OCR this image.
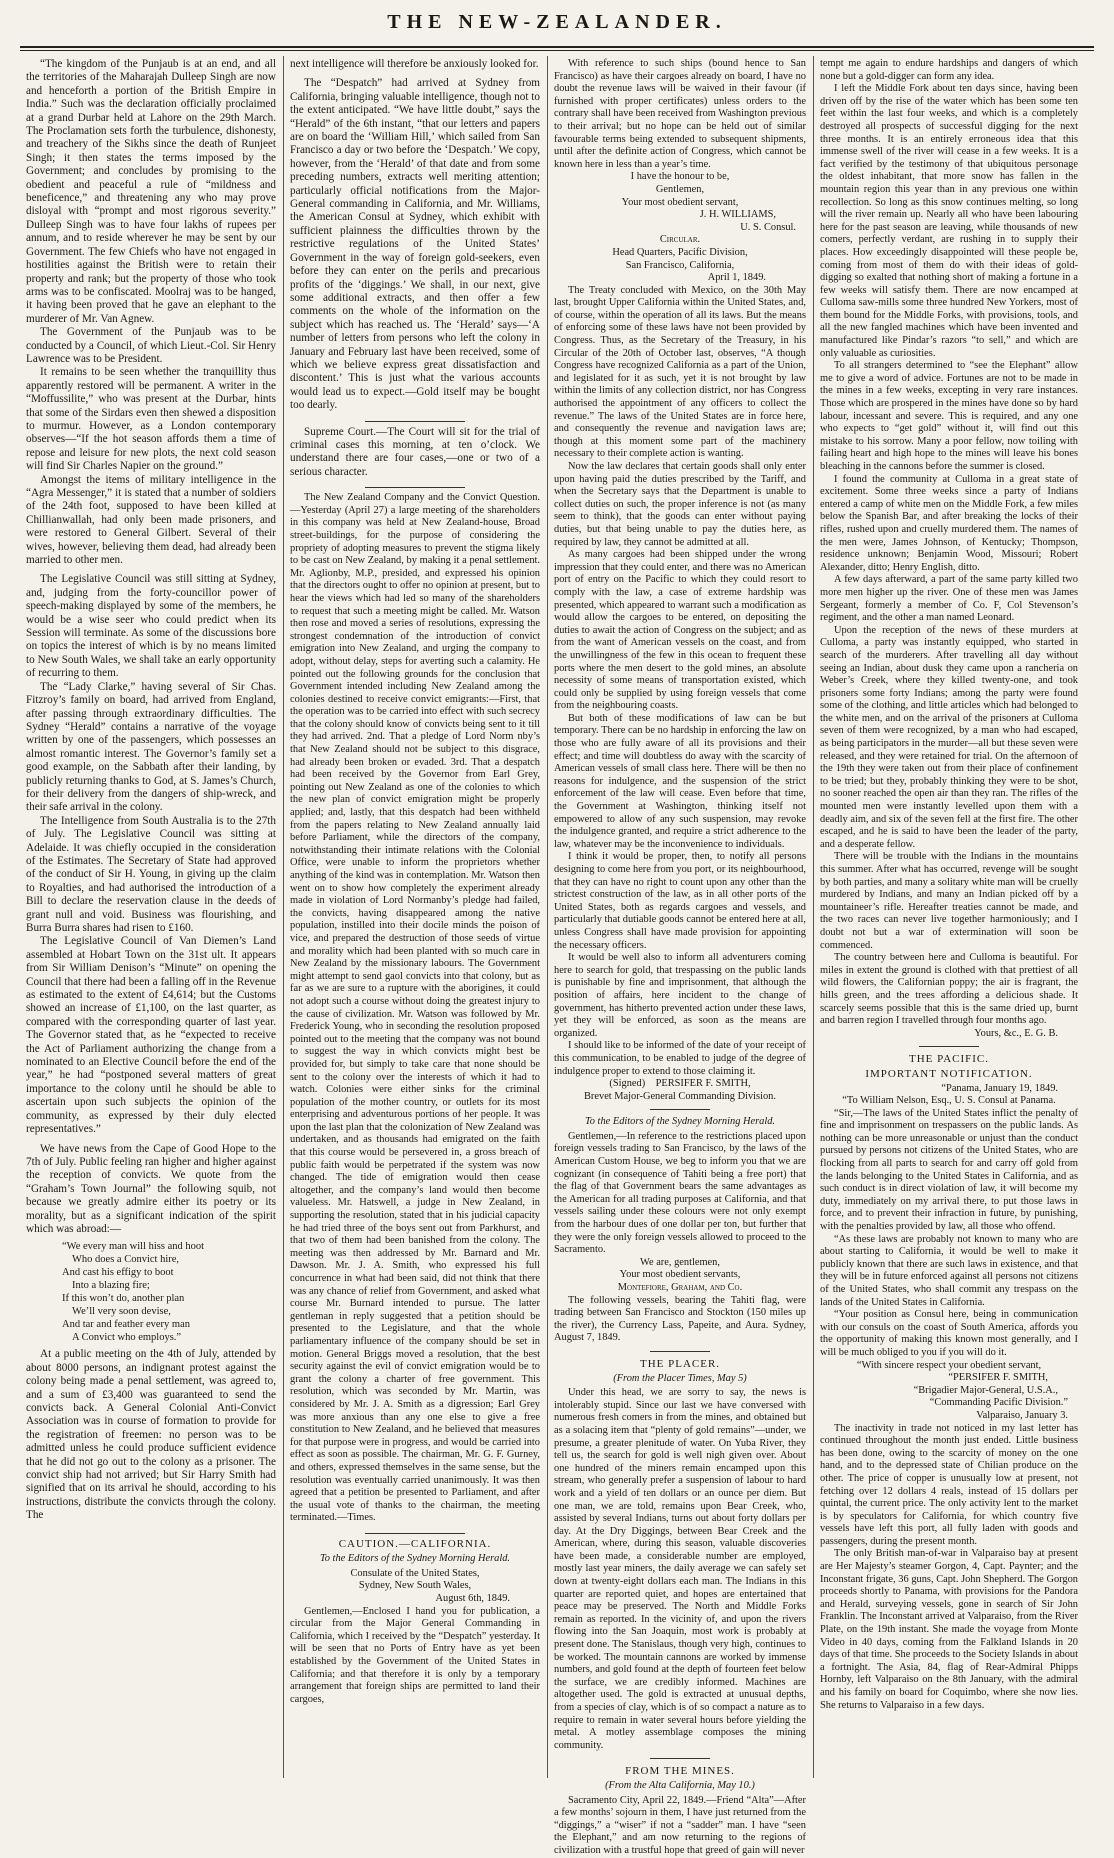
THE NEW-ZEALANDER.

“The kingdom of the Punjaub is at an end, and all the territories of the Maharajah Dulleep Singh are now and henceforth a portion of the British Empire in India.” Such was the declaration officially proclaimed at a grand Durbar held at Lahore on the 29th March. The Proclamation sets forth the turbulence, dishonesty, and treachery of the Sikhs since the death of Runjeet Singh; it then states the terms imposed by the Government; and concludes by promising to the obedient and peaceful a rule of “mildness and beneficence,” and threatening any who may prove disloyal with “prompt and most rigorous severity.” Dulleep Singh was to have four lakhs of rupees per annum, and to reside wherever he may be sent by our Government. The few Chiefs who have not engaged in hostilities against the British were to retain their property and rank; but the property of those who took arms was to be confiscated. Moolraj was to be hanged, it having been proved that he gave an elephant to the murderer of Mr. Van Agnew.

The Government of the Punjaub was to be conducted by a Council, of which Lieut.-Col. Sir Henry Lawrence was to be President.

It remains to be seen whether the tranquillity thus apparently restored will be permanent. A writer in the “Moffussilite,” who was present at the Durbar, hints that some of the Sirdars even then shewed a disposition to murmur. However, as a London contemporary observes—“If the hot season affords them a time of repose and leisure for new plots, the next cold season will find Sir Charles Napier on the ground.”

Amongst the items of military intelligence in the “Agra Messenger,” it is stated that a number of soldiers of the 24th foot, supposed to have been killed at Chillianwallah, had only been made prisoners, and were restored to General Gilbert. Several of their wives, however, believing them dead, had already been married to other men.

The Legislative Council was still sitting at Sydney, and, judging from the forty-councillor power of speech-making displayed by some of the members, he would be a wise seer who could predict when its Session will terminate. As some of the discussions bore on topics the interest of which is by no means limited to New South Wales, we shall take an early opportunity of recurring to them.

The “Lady Clarke,” having several of Sir Chas. Fitzroy’s family on board, had arrived from England, after passing through extraordinary difficulties. The Sydney “Herald” contains a narrative of the voyage written by one of the passengers, which possesses an almost romantic interest. The Governor’s family set a good example, on the Sabbath after their landing, by publicly returning thanks to God, at S. James’s Church, for their delivery from the dangers of ship-wreck, and their safe arrival in the colony.

The Intelligence from South Australia is to the 27th of July. The Legislative Council was sitting at Adelaide. It was chiefly occupied in the consideration of the Estimates. The Secretary of State had approved of the conduct of Sir H. Young, in giving up the claim to Royalties, and had authorised the introduction of a Bill to declare the reservation clause in the deeds of grant null and void. Business was flourishing, and Burra Burra shares had risen to £160.

The Legislative Council of Van Diemen’s Land assembled at Hobart Town on the 31st ult. It appears from Sir William Denison’s “Minute” on opening the Council that there had been a falling off in the Revenue as estimated to the extent of £4,614; but the Customs showed an increase of £1,100, on the last quarter, as compared with the corresponding quarter of last year. The Governor stated that, as he “expected to receive the Act of Parliament authorizing the change from a nominated to an Elective Council before the end of the year,” he had “postponed several matters of great importance to the colony until he should be able to ascertain upon such subjects the opinion of the community, as expressed by their duly elected representatives.”

We have news from the Cape of Good Hope to the 7th of July. Public feeling ran higher and higher against the reception of convicts. We quote from the “Graham’s Town Journal” the following squib, not because we greatly admire either its poetry or its morality, but as a significant indication of the spirit which was abroad:—

“We every man will hiss and hoot
Who does a Convict hire,
And cast his effigy to boot
Into a blazing fire;
If this won’t do, another plan
We’ll very soon devise,
And tar and feather every man
A Convict who employs.”

At a public meeting on the 4th of July, attended by about 8000 persons, an indignant protest against the colony being made a penal settlement, was agreed to, and a sum of £3,400 was guaranteed to send the convicts back. A General Colonial Anti-Convict Association was in course of formation to provide for the registration of freemen: no person was to be admitted unless he could produce sufficient evidence that he did not go out to the colony as a prisoner. The convict ship had not arrived; but Sir Harry Smith had signified that on its arrival he should, according to his instructions, distribute the convicts through the colony. The

next intelligence will therefore be anxiously looked for.

The “Despatch” had arrived at Sydney from California, bringing valuable intelligence, though not to the extent anticipated. “We have little doubt,” says the “Herald” of the 6th instant, “that our letters and papers are on board the ‘William Hill,’ which sailed from San Francisco a day or two before the ‘Despatch.’ We copy, however, from the ‘Herald’ of that date and from some preceding numbers, extracts well meriting attention; particularly official notifications from the Major-General commanding in California, and Mr. Williams, the American Consul at Sydney, which exhibit with sufficient plainness the difficulties thrown by the restrictive regulations of the United States’ Government in the way of foreign gold-seekers, even before they can enter on the perils and precarious profits of the ‘diggings.’ We shall, in our next, give some additional extracts, and then offer a few comments on the whole of the information on the subject which has reached us. The ‘Herald’ says—‘A number of letters from persons who left the colony in January and February last have been received, some of which we believe express great dissatisfaction and discontent.’ This is just what the various accounts would lead us to expect.—Gold itself may be bought too dearly.

Supreme Court.—The Court will sit for the trial of criminal cases this morning, at ten o’clock. We understand there are four cases,—one or two of a serious character.

The New Zealand Company and the Convict Question.—Yesterday (April 27) a large meeting of the shareholders in this company was held at New Zealand-house, Broad street-buildings, for the purpose of considering the propriety of adopting measures to prevent the stigma likely to be cast on New Zealand, by making it a penal settlement. Mr. Aglionby, M.P., presided, and expressed his opinion that the directors ought to offer no opinion at present, but to hear the views which had led so many of the shareholders to request that such a meeting might be called. Mr. Watson then rose and moved a series of resolutions, expressing the strongest condemnation of the introduction of convict emigration into New Zealand, and urging the company to adopt, without delay, steps for averting such a calamity. He pointed out the following grounds for the conclusion that Government intended including New Zealand among the colonies destined to receive convict emigrants:—First, that the operation was to be carried into effect with such secrecy that the colony should know of convicts being sent to it till they had arrived. 2nd. That a pledge of Lord Norm nby’s that New Zealand should not be subject to this disgrace, had already been broken or evaded. 3rd. That a despatch had been received by the Governor from Earl Grey, pointing out New Zealand as one of the colonies to which the new plan of convict emigration might be properly applied; and, lastly, that this despatch had been withheld from the papers relating to New Zealand annually laid before Parliament, while the directors of the company, notwithstanding their intimate relations with the Colonial Office, were unable to inform the proprietors whether anything of the kind was in contemplation. Mr. Watson then went on to show how completely the experiment already made in violation of Lord Normanby’s pledge had failed, the convicts, having disappeared among the native population, instilled into their docile minds the poison of vice, and prepared the destruction of those seeds of virtue and morality which had been planted with so much care in New Zealand by the missionary labours. The Government might attempt to send gaol convicts into that colony, but as far as we are sure to a rupture with the aborigines, it could not adopt such a course without doing the greatest injury to the cause of civilization. Mr. Watson was followed by Mr. Frederick Young, who in seconding the resolution proposed pointed out to the meeting that the company was not bound to suggest the way in which convicts might best be provided for, but simply to take care that none should be sent to the colony over the interests of which it had to watch. Colonies were either sinks for the criminal population of the mother country, or outlets for its most enterprising and adventurous portions of her people. It was upon the last plan that the colonization of New Zealand was undertaken, and as thousands had emigrated on the faith that this course would be persevered in, a gross breach of public faith would be perpetrated if the system was now changed. The tide of emigration would then cease altogether, and the company’s land would then become valueless. Mr. Hatswell, a judge in New Zealand, in supporting the resolution, stated that in his judicial capacity he had tried three of the boys sent out from Parkhurst, and that two of them had been banished from the colony. The meeting was then addressed by Mr. Barnard and Mr. Dawson. Mr. J. A. Smith, who expressed his full concurrence in what had been said, did not think that there was any chance of relief from Government, and asked what course Mr. Burnard intended to pursue. The latter gentleman in reply suggested that a petition should be presented to the Legislature, and that the whole parliamentary influence of the company should be set in motion. General Briggs moved a resolution, that the best security against the evil of convict emigration would be to grant the colony a charter of free government. This resolution, which was seconded by Mr. Martin, was considered by Mr. J. A. Smith as a digression; Earl Grey was more anxious than any one else to give a free constitution to New Zealand, and he believed that measures for that purpose were in progress, and would be carried into effect as soon as possible. The chairman, Mr. G. F. Gurney, and others, expressed themselves in the same sense, but the resolution was eventually carried unanimously. It was then agreed that a petition be presented to Parliament, and after the usual vote of thanks to the chairman, the meeting terminated.—Times.

CAUTION.—CALIFORNIA.

To the Editors of the Sydney Morning Herald.

Consulate of the United States,

Sydney, New South Wales,

August 6th, 1849.

Gentlemen,—Enclosed I hand you for publication, a circular from the Major General Commanding in California, which I received by the “Despatch” yesterday. It will be seen that no Ports of Entry have as yet been established by the Government of the United States in California; and that therefore it is only by a temporary arrangement that foreign ships are permitted to land their cargoes,

With reference to such ships (bound hence to San Francisco) as have their cargoes already on board, I have no doubt the revenue laws will be waived in their favour (if furnished with proper certificates) unless orders to the contrary shall have been received from Washington previous to their arrival; but no hope can be held out of similar favourable terms being extended to subsequent shipments, until after the definite action of Congress, which cannot be known here in less than a year’s time.

I have the honour to be,

Gentlemen,

Your most obedient servant,

J. H. WILLIAMS,

U. S. Consul.

Circular.

Head Quarters, Pacific Division,

San Francisco, California,

April 1, 1849.

The Treaty concluded with Mexico, on the 30th May last, brought Upper California within the United States, and, of course, within the operation of all its laws. But the means of enforcing some of these laws have not been provided by Congress. Thus, as the Secretary of the Treasury, in his Circular of the 20th of October last, observes, “A though Congress have recognized California as a part of the Union, and legislated for it as such, yet it is not brought by law within the limits of any collection district, nor has Congress authorised the appointment of any officers to collect the revenue.” The laws of the United States are in force here, and consequently the revenue and navigation laws are; though at this moment some part of the machinery necessary to their complete action is wanting.

Now the law declares that certain goods shall only enter upon having paid the duties prescribed by the Tariff, and when the Secretary says that the Department is unable to collect duties on such, the proper inference is not (as many seem to think), that the goods can enter without paying duties, but that being unable to pay the duties here, as required by law, they cannot be admitted at all.

As many cargoes had been shipped under the wrong impression that they could enter, and there was no American port of entry on the Pacific to which they could resort to comply with the law, a case of extreme hardship was presented, which appeared to warrant such a modification as would allow the cargoes to be entered, on depositing the duties to await the action of Congress on the subject; and as from the want of American vessels on the coast, and from the unwillingness of the few in this ocean to frequent these ports where the men desert to the gold mines, an absolute necessity of some means of transportation existed, which could only be supplied by using foreign vessels that come from the neighbouring coasts.

But both of these modifications of law can be but temporary. There can be no hardship in enforcing the law on those who are fully aware of all its provisions and their effect; and time will doubtless do away with the scarcity of American vessels of small class here. There will be then no reasons for indulgence, and the suspension of the strict enforcement of the law will cease. Even before that time, the Government at Washington, thinking itself not empowered to allow of any such suspension, may revoke the indulgence granted, and require a strict adherence to the law, whatever may be the inconvenience to individuals.

I think it would be proper, then, to notify all persons designing to come here from you port, or its neighbourhood, that they can have no right to count upon any other than the strictest construction of the law, as in all other ports of the United States, both as regards cargoes and vessels, and particularly that dutiable goods cannot be entered here at all, unless Congress shall have made provision for appointing the necessary officers.

It would be well also to inform all adventurers coming here to search for gold, that trespassing on the public lands is punishable by fine and imprisonment, that although the position of affairs, here incident to the change of government, has hitherto prevented action under these laws, yet they will be enforced, as soon as the means are organized.

I should like to be informed of the date of your receipt of this communication, to be enabled to judge of the degree of indulgence proper to extend to those claiming it.

(Signed) PERSIFER F. SMITH,

Brevet Major-General Commanding Division.

To the Editors of the Sydney Morning Herald.

Gentlemen,—In reference to the restrictions placed upon foreign vessels trading to San Francisco, by the laws of the American Custom House, we beg to inform you that we are cognizant (in consequence of Tahiti being a free port) that the flag of that Government bears the same advantages as the American for all trading purposes at California, and that vessels sailing under these colours were not only exempt from the harbour dues of one dollar per ton, but further that they were the only foreign vessels allowed to proceed to the Sacramento.

We are, gentlemen,

Your most obedient servants,

Montefiore, Graham, and Co.

The following vessels, bearing the Tahiti flag, were trading between San Francisco and Stockton (150 miles up the river), the Currency Lass, Papeite, and Aura. Sydney, August 7, 1849.

THE PLACER.

(From the Placer Times, May 5)

Under this head, we are sorry to say, the news is intolerably stupid. Since our last we have conversed with numerous fresh comers in from the mines, and obtained but as a solacing item that “plenty of gold remains”—under, we presume, a greater plenitude of water. On Yuba River, they tell us, the search for gold is well nigh given over. About one hundred of the miners remain encamped upon this stream, who generally prefer a suspension of labour to hard work and a yield of ten dollars or an ounce per diem. But one man, we are told, remains upon Bear Creek, who, assisted by several Indians, turns out about forty dollars per day. At the Dry Diggings, between Bear Creek and the American, where, during this season, valuable discoveries have been made, a considerable number are employed, mostly last year miners, the daily average we can safely set down at twenty-eight dollars each man. The Indians in this quarter are reported quiet, and hopes are entertained that peace may be preserved. The North and Middle Forks remain as reported. In the vicinity of, and upon the rivers flowing into the San Joaquin, most work is probably at present done. The Stanislaus, though very high, continues to be worked. The mountain cannons are worked by immense numbers, and gold found at the depth of fourteen feet below the surface, we are credibly informed. Machines are altogether used. The gold is extracted at unusual depths, from a species of clay, which is of so compact a nature as to require to remain in water several hours before yielding the metal. A motley assemblage composes the mining community.

FROM THE MINES.

(From the Alta California, May 10.)

Sacramento City, April 22, 1849.—Friend “Alta”—After a few months’ sojourn in them, I have just returned from the “diggings,” a “wiser” if not a “sadder” man. I have “seen the Elephant,” and am now returning to the regions of civilization with a trustful hope that greed of gain will never

tempt me again to endure hardships and dangers of which none but a gold-digger can form any idea.

I left the Middle Fork about ten days since, having been driven off by the rise of the water which has been some ten feet within the last four weeks, and which is a completely destroyed all prospects of successful digging for the next three months. It is an entirely erroneous idea that this immense swell of the river will cease in a few weeks. It is a fact verified by the testimony of that ubiquitous personage the oldest inhabitant, that more snow has fallen in the mountain region this year than in any previous one within recollection. So long as this snow continues melting, so long will the river remain up. Nearly all who have been labouring here for the past season are leaving, while thousands of new comers, perfectly verdant, are rushing in to supply their places. How exceedingly disappointed will these people be, coming from most of them do with their ideas of gold-digging so exalted that nothing short of making a fortune in a few weeks will satisfy them. There are now encamped at Culloma saw-mills some three hundred New Yorkers, most of them bound for the Middle Forks, with provisions, tools, and all the new fangled machines which have been invented and manufactured like Pindar’s razors “to sell,” and which are only valuable as curiosities.

To all strangers determined to “see the Elephant” allow me to give a word of advice. Fortunes are not to be made in the mines in a few weeks, excepting in very rare instances. Those which are prospered in the mines have done so by hard labour, incessant and severe. This is required, and any one who expects to “get gold” without it, will find out this mistake to his sorrow. Many a poor fellow, now toiling with failing heart and high hope to the mines will leave his bones bleaching in the cannons before the summer is closed.

I found the community at Culloma in a great state of excitement. Some three weeks since a party of Indians entered a camp of white men on the Middle Fork, a few miles below the Spanish Bar, and after breaking the locks of their rifles, rushed upon and cruelly murdered them. The names of the men were, James Johnson, of Kentucky; Thompson, residence unknown; Benjamin Wood, Missouri; Robert Alexander, ditto; Henry English, ditto.

A few days afterward, a part of the same party killed two more men higher up the river. One of these men was James Sergeant, formerly a member of Co. F, Col Stevenson’s regiment, and the other a man named Leonard.

Upon the reception of the news of these murders at Culloma, a party was instantly equipped, who started in search of the murderers. After travelling all day without seeing an Indian, about dusk they came upon a rancheria on Weber’s Creek, where they killed twenty-one, and took prisoners some forty Indians; among the party were found some of the clothing, and little articles which had belonged to the white men, and on the arrival of the prisoners at Culloma seven of them were recognized, by a man who had escaped, as being participators in the murder—all but these seven were released, and they were retained for trial. On the afternoon of the 19th they were taken out from their place of confinement to be tried; but they, probably thinking they were to be shot, no sooner reached the open air than they ran. The rifles of the mounted men were instantly levelled upon them with a deadly aim, and six of the seven fell at the first fire. The other escaped, and he is said to have been the leader of the party, and a desperate fellow.

There will be trouble with the Indians in the mountains this summer. After what has occurred, revenge will be sought by both parties, and many a solitary white man will be cruelly murdered by Indians, and many an Indian picked off by a mountaineer’s rifle. Hereafter treaties cannot be made, and the two races can never live together harmoniously; and I doubt not but a war of extermination will soon be commenced.

The country between here and Culloma is beautiful. For miles in extent the ground is clothed with that prettiest of all wild flowers, the Californian poppy; the air is fragrant, the hills green, and the trees affording a delicious shade. It scarcely seems possible that this is the same dried up, burnt and barren region I travelled through four months ago.

Yours, &c., E. G. B.

THE PACIFIC.
IMPORTANT NOTIFICATION.

“Panama, January 19, 1849.

“To William Nelson, Esq., U. S. Consul at Panama.

“Sir,—The laws of the United States inflict the penalty of fine and imprisonment on trespassers on the public lands. As nothing can be more unreasonable or unjust than the conduct pursued by persons not citizens of the United States, who are flocking from all parts to search for and carry off gold from the lands belonging to the United States in California, and as such conduct is in direct violation of law, it will become my duty, immediately on my arrival there, to put those laws in force, and to prevent their infraction in future, by punishing, with the penalties provided by law, all those who offend.

“As these laws are probably not known to many who are about starting to California, it would be well to make it publicly known that there are such laws in existence, and that they will be in future enforced against all persons not citizens of the United States, who shall commit any trespass on the lands of the United States in California.

“Your position as Consul here, being in communication with our consuls on the coast of South America, affords you the opportunity of making this known most generally, and I will be much obliged to you if you will do it.

“With sincere respect your obedient servant,

“PERSIFER F. SMITH,

“Brigadier Major-General, U.S.A.,

“Commanding Pacific Division.”

Valparaiso, January 3.

The inactivity in trade not noticed in my last letter has continued throughout the month just ended. Little business has been done, owing to the scarcity of money on the one hand, and to the depressed state of Chilian produce on the other. The price of copper is unusually low at present, not fetching over 12 dollars 4 reals, instead of 15 dollars per quintal, the current price. The only activity lent to the market is by speculators for California, for which country five vessels have left this port, all fully laden with goods and passengers, during the present month.

The only British man-of-war in Valparaiso bay at present are Her Majesty’s steamer Gorgon, 4, Capt. Paynter; and the Inconstant frigate, 36 guns, Capt. John Shepherd. The Gorgon proceeds shortly to Panama, with provisions for the Pandora and Herald, surveying vessels, gone in search of Sir John Franklin. The Inconstant arrived at Valparaiso, from the River Plate, on the 19th instant. She made the voyage from Monte Video in 40 days, coming from the Falkland Islands in 20 days of that time. She proceeds to the Society Islands in about a fortnight. The Asia, 84, flag of Rear-Admiral Phipps Hornby, left Valparaiso on the 8th January, with the admiral and his family on board for Coquimbo, where she now lies. She returns to Valparaiso in a few days.
